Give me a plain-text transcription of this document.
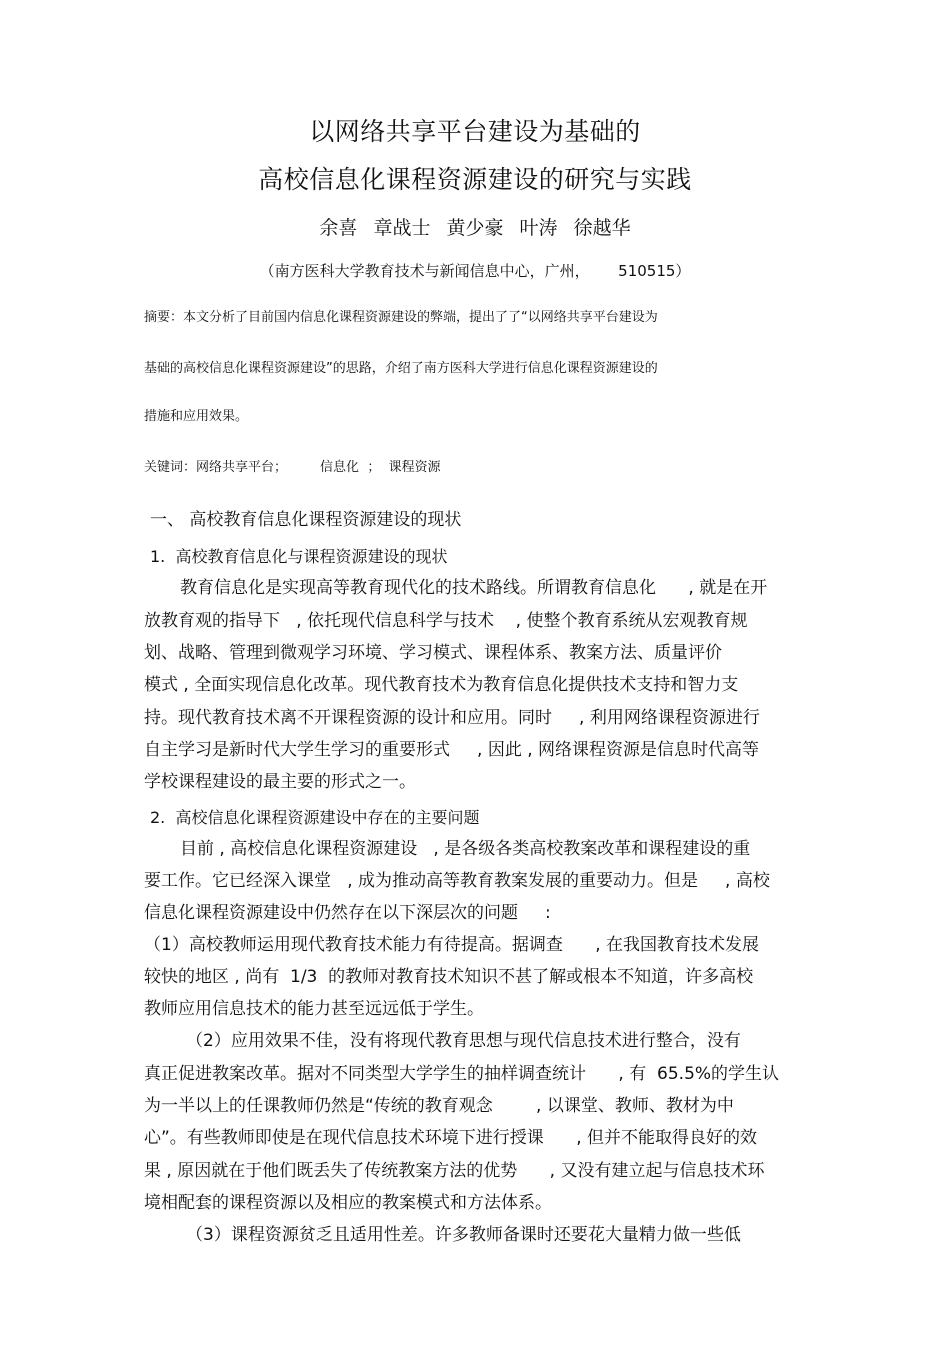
以网络共享平台建设为基础的
高校信息化课程资源建设的研究与实践
余喜 章战士 黄少豪 叶涛 徐越华
（南方医科大学教育技术与新闻信息中心，广州，      510515）
摘要：本文分析了目前国内信息化课程资源建设的弊端，提出了了“以网络共享平台建设为
基础的高校信息化课程资源建设”的思路，介绍了南方医科大学进行信息化课程资源建设的
措施和应用效果。
关键词：网络共享平台；        信息化  ；  课程资源
一、 高校教育信息化课程资源建设的现状
1.  高校教育信息化与课程资源建设的现状
教育信息化是实现高等教育现代化的技术路线。所谓教育信息化      , 就是在开
放教育观的指导下   , 依托现代信息科学与技术    , 使整个教育系统从宏观教育规
划、战略、管理到微观学习环境、学习模式、课程体系、教案方法、质量评价
模式 , 全面实现信息化改革。现代教育技术为教育信息化提供技术支持和智力支
持。现代教育技术离不开课程资源的设计和应用。同时     , 利用网络课程资源进行
自主学习是新时代大学生学习的重要形式     , 因此 , 网络课程资源是信息时代高等
学校课程建设的最主要的形式之一。
2.  高校信息化课程资源建设中存在的主要问题
目前 , 高校信息化课程资源建设   , 是各级各类高校教案改革和课程建设的重
要工作。它已经深入课堂   , 成为推动高等教育教案发展的重要动力。但是     , 高校
信息化课程资源建设中仍然存在以下深层次的问题     :
（1）高校教师运用现代教育技术能力有待提高。据调查      , 在我国教育技术发展
较快的地区 , 尚有  1/3  的教师对教育技术知识不甚了解或根本不知道，许多高校
教师应用信息技术的能力甚至远远低于学生。
（2）应用效果不佳，没有将现代教育思想与现代信息技术进行整合，没有
真正促进教案改革。据对不同类型大学学生的抽样调查统计      , 有  65.5%的学生认
为一半以上的任课教师仍然是“传统的教育观念        , 以课堂、教师、教材为中
心”。有些教师即使是在现代信息技术环境下进行授课      , 但并不能取得良好的效
果 , 原因就在于他们既丢失了传统教案方法的优势      , 又没有建立起与信息技术环
境相配套的课程资源以及相应的教案模式和方法体系。
（3）课程资源贫乏且适用性差。许多教师备课时还要花大量精力做一些低
